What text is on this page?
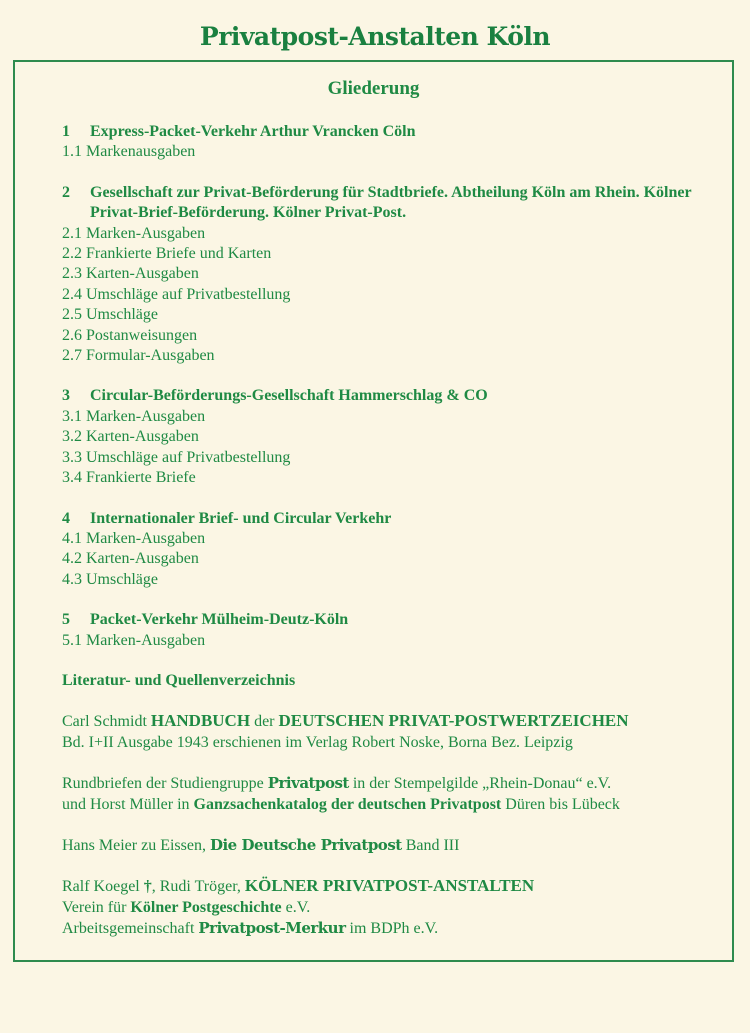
Privatpost-Anstalten Köln
Gliederung
1	Express-Packet-Verkehr Arthur Vrancken Cöln
1.1 Markenausgaben
2	Gesellschaft zur Privat-Beförderung für Stadtbriefe. Abtheilung Köln am Rhein. Kölner Privat-Brief-Beförderung. Kölner Privat-Post.
2.1 Marken-Ausgaben
2.2 Frankierte Briefe und Karten
2.3 Karten-Ausgaben
2.4 Umschläge auf Privatbestellung
2.5 Umschläge
2.6 Postanweisungen
2.7 Formular-Ausgaben
3	Circular-Beförderungs-Gesellschaft Hammerschlag & CO
3.1 Marken-Ausgaben
3.2 Karten-Ausgaben
3.3 Umschläge auf Privatbestellung
3.4 Frankierte Briefe
4	Internationaler Brief- und Circular Verkehr
4.1 Marken-Ausgaben
4.2 Karten-Ausgaben
4.3 Umschläge
5	Packet-Verkehr Mülheim-Deutz-Köln
5.1 Marken-Ausgaben
Literatur- und Quellenverzeichnis
Carl Schmidt HANDBUCH der DEUTSCHEN PRIVAT-POSTWERTZEICHEN
Bd. I+II Ausgabe 1943 erschienen im Verlag Robert Noske, Borna Bez. Leipzig
Rundbriefen der Studiengruppe Privatpost in der Stempelgilde „Rhein-Donau“ e.V.
und Horst Müller in Ganzsachenkatalog der deutschen Privatpost Düren bis Lübeck
Hans Meier zu Eissen, Die Deutsche Privatpost Band III
Ralf Koegel †, Rudi Tröger, KÖLNER PRIVATPOST-ANSTALTEN
Verein für Kölner Postgeschichte e.V.
Arbeitsgemeinschaft Privatpost-Merkur im BDPh e.V.
